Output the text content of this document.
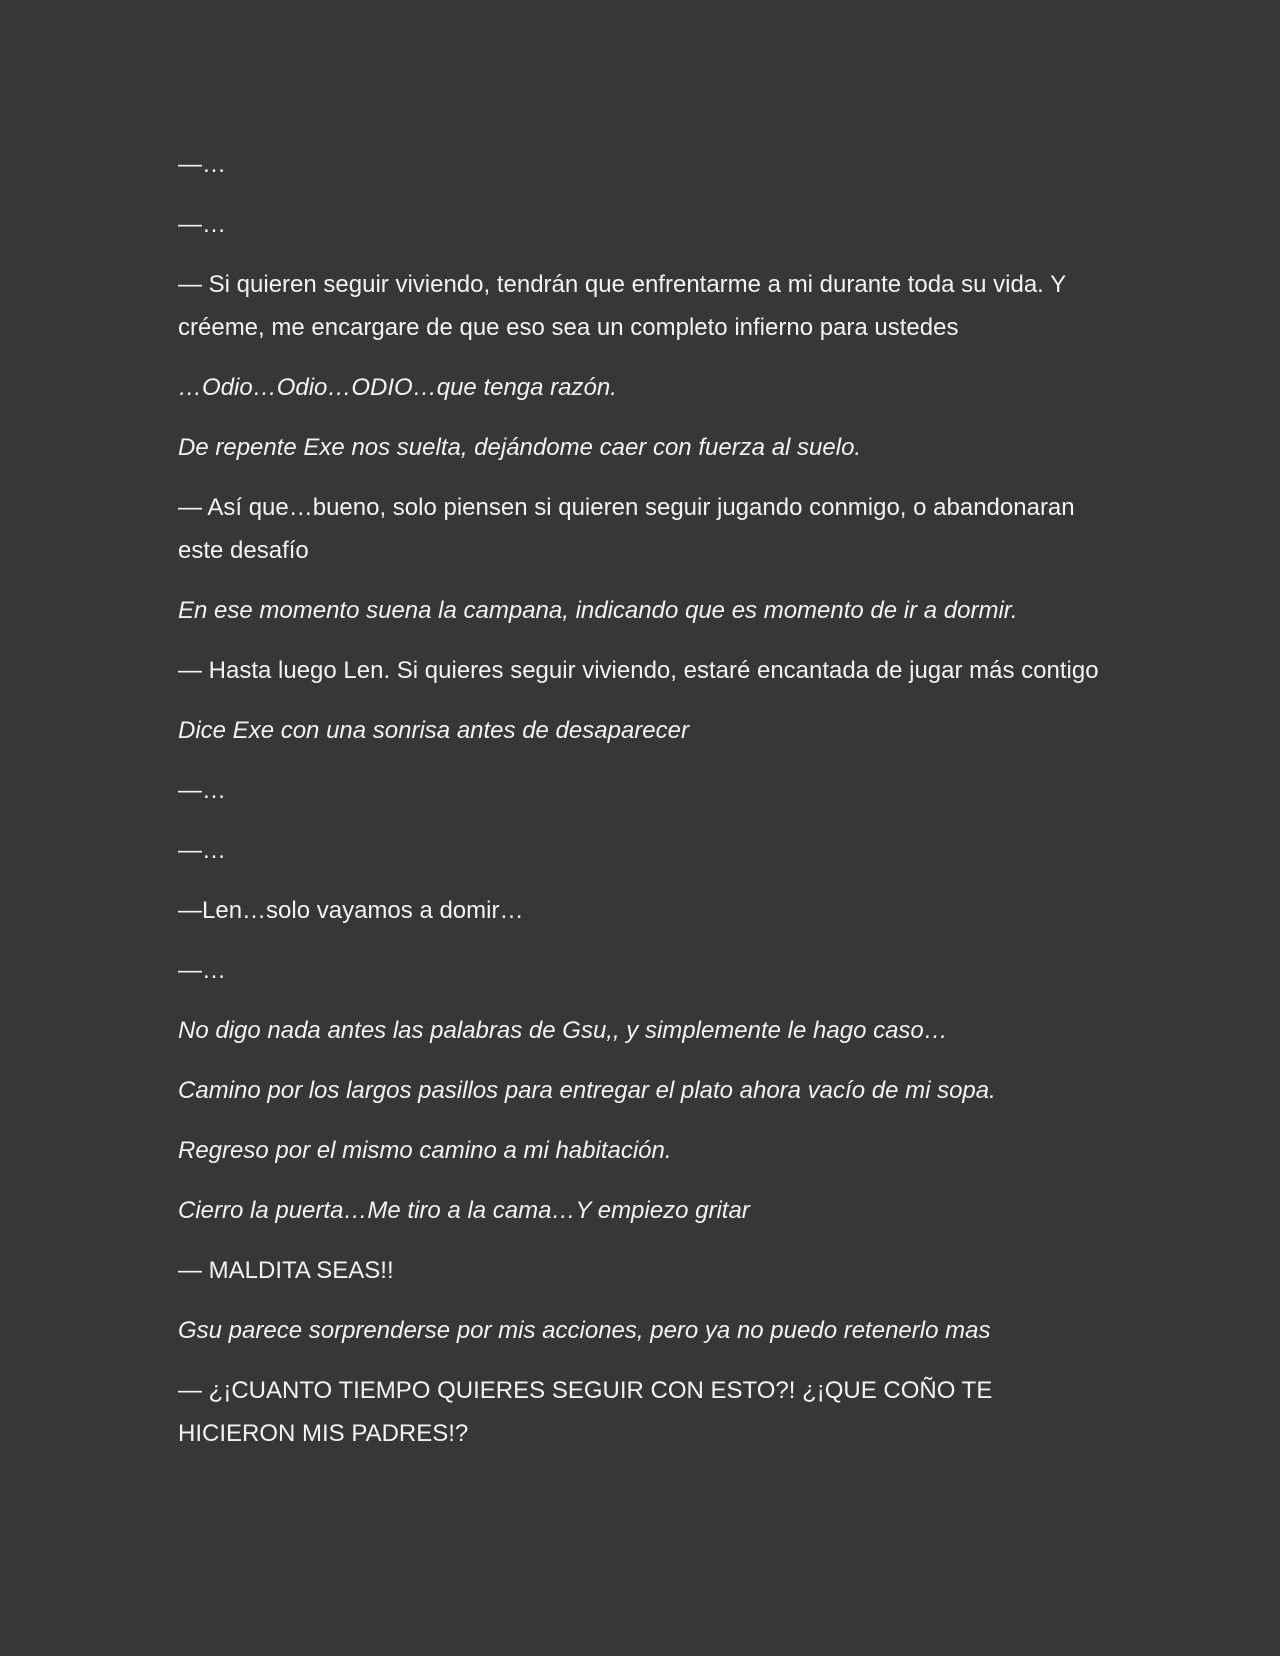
—…

—…

— Si quieren seguir viviendo, tendrán que enfrentarme a mi durante toda su vida. Y créeme, me encargare de que eso sea un completo infierno para ustedes

…Odio…Odio…ODIO…que tenga razón.

De repente Exe nos suelta, dejándome caer con fuerza al suelo.

— Así que…bueno, solo piensen si quieren seguir jugando conmigo, o abandonaran este desafío

En ese momento suena la campana, indicando que es momento de ir a dormir.

— Hasta luego Len. Si quieres seguir viviendo, estaré encantada de jugar más contigo

Dice Exe con una sonrisa antes de desaparecer

—…

—…

—Len…solo vayamos a domir…

—…

No digo nada antes las palabras de Gsu,, y simplemente le hago caso…

Camino por los largos pasillos para entregar el plato ahora vacío de mi sopa.

Regreso por el mismo camino a mi habitación.

Cierro la puerta…Me tiro a la cama…Y empiezo gritar

— MALDITA SEAS!!

Gsu parece sorprenderse por mis acciones, pero ya no puedo retenerlo mas

— ¿¡CUANTO TIEMPO QUIERES SEGUIR CON ESTO?! ¿¡QUE COÑO TE HICIERON MIS PADRES!?
